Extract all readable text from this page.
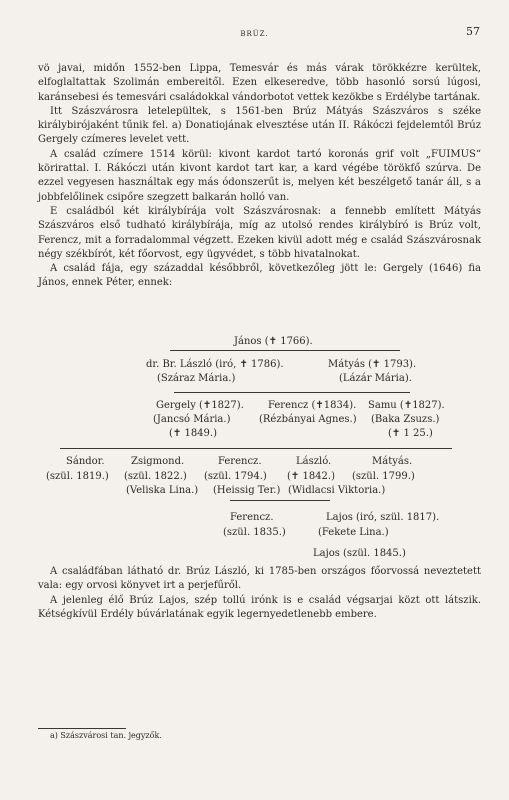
BRÚZ.	57

vö javai, midőn 1552-ben Lippa, Temesvár és más várak törökkézre kerültek, elfoglaltattak Szolimán embereitől. Ezen elkeseredve, több hasonló sorsú lúgosi, karánsebesi és temesvári családokkal vándorbotot vettek kezökbe s Erdélybe tartának.

Itt Szászvárosra letelepültek, s 1561-ben Brúz Mátyás Szászváros s széke királybirójaként tűnik fel. a) Donatiojának elvesztése után II. Rákóczi fejdelemtől Brúz Gergely czímeres levelet vett.

A család czímere 1514 körül: kivont kardot tartó koronás grif volt „FUIMUS“ körirattal. I. Rákóczi után kivont kardot tart kar, a kard végébe törökfő szúrva. De ezzel vegyesen használtak egy más ódonszerűt is, melyen két beszélgető tanár áll, s a jobbfelőlinek csipőre szegzett balkarán holló van.

E családból két királybírája volt Szászvárosnak: a fennebb említett Mátyás Szászváros első tudható királybírája, míg az utolsó rendes királybíró is Brúz volt, Ferencz, mit a forradalommal végzett. Ezeken kivül adott még e család Szászvárosnak négy székbírót, két főorvost, egy ügyvédet, s több hivatalnokat.

A család fája, egy századdal későbbről, következőleg jött le: Gergely (1646) fia János, ennek Péter, ennek:

János (✝ 1766).
dr. Br. László (iró, ✝ 1786).	Mátyás (✝ 1793).
(Száraz Mária.)	(Lázár Mária).
Gergely (✝1827). Ferencz (✝1834). Samu (✝1827).
(Jancsó Mária.)	(Rézbányai Agnes.) (Baka Zsuzs.)
(✝ 1849.)	(✝ 1 25.)
Sándor.	Zsigmond.	Ferencz.	László.	Mátyás.
(szül. 1819.) (szül. 1822.) (szül. 1794.) (✝ 1842.) (szül. 1799.)
(Veliska Lina.) (Heissig Ter.) (Widlacsi Viktoria.)
Ferencz.	Lajos (iró, szül. 1817).
(szül. 1835.)	(Fekete Lina.)
Lajos (szül. 1845.)

A családfában látható dr. Brúz László, ki 1785-ben országos főorvossá neveztetett vala: egy orvosi könyvet irt a perjefűről.

A jelenleg élő Brúz Lajos, szép tollú irónk is e család végsarjai közt ott látszik. Kétségkívül Erdély búvárlatának egyik legernyedetlenebb embere.

a) Szászvárosi tan. jegyzők.
